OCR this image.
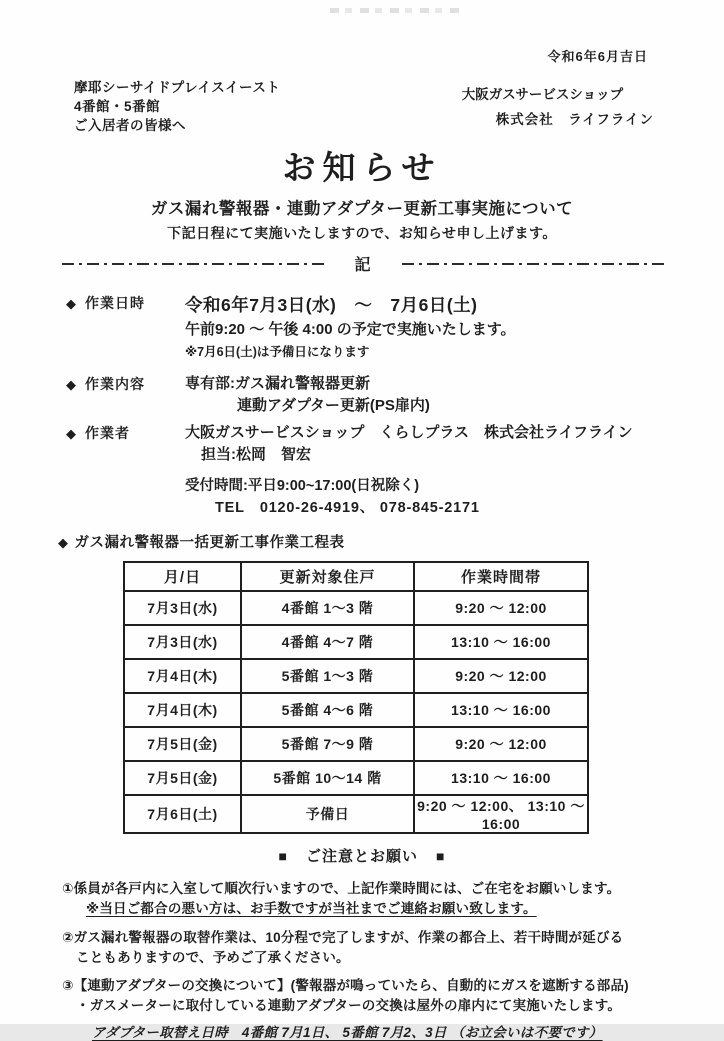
令和6年6月吉日
摩耶シーサイドプレイスイースト
4番館・5番館
ご入居者の皆様へ
大阪ガスサービスショップ
株式会社　ライフライン
お知らせ
ガス漏れ警報器・連動アダプター更新工事実施について
下記日程にて実施いたしますので、お知らせ申し上げます。
記
◆ 作業日時	令和6年7月3日(水)　～　7月6日(土)
午前9:20 ～ 午後 4:00 の予定で実施いたします。
※7月6日(土)は予備日になります
◆ 作業内容	専有部:ガス漏れ警報器更新
連動アダプター更新(PS扉内)
◆ 作業者	大阪ガスサービスショップ　くらしプラス　株式会社ライフライン
担当:松岡　智宏
受付時間:平日9:00~17:00(日祝除く)
TEL　0120-26-4919、 078-845-2171
◆ ガス漏れ警報器一括更新工事作業工程表
月/日	更新対象住戸	作業時間帯
7月3日(水)	4番館 1～3 階	9:20 ～ 12:00
7月3日(水)	4番館 4～7 階	13:10 ～ 16:00
7月4日(木)	5番館 1～3 階	9:20 ～ 12:00
7月4日(木)	5番館 4～6 階	13:10 ～ 16:00
7月5日(金)	5番館 7～9 階	9:20 ～ 12:00
7月5日(金)	5番館 10～14 階	13:10 ～ 16:00
7月6日(土)	予備日	9:20 ～ 12:00、 13:10 ～ 16:00
■ ご注意とお願い ■
①係員が各戸内に入室して順次行いますので、上記作業時間には、ご在宅をお願いします。
※当日ご都合の悪い方は、お手数ですが当社までご連絡お願い致します。
②ガス漏れ警報器の取替作業は、10分程で完了しますが、作業の都合上、若干時間が延びる
こともありますので、予めご了承ください。
③【連動アダプターの交換について】(警報器が鳴っていたら、自動的にガスを遮断する部品)
・ガスメーターに取付している連動アダプターの交換は屋外の扉内にて実施いたします。
アダプター取替え日時　4番館 7月1日、 5番館 7月2、3日 （お立会いは不要です）
